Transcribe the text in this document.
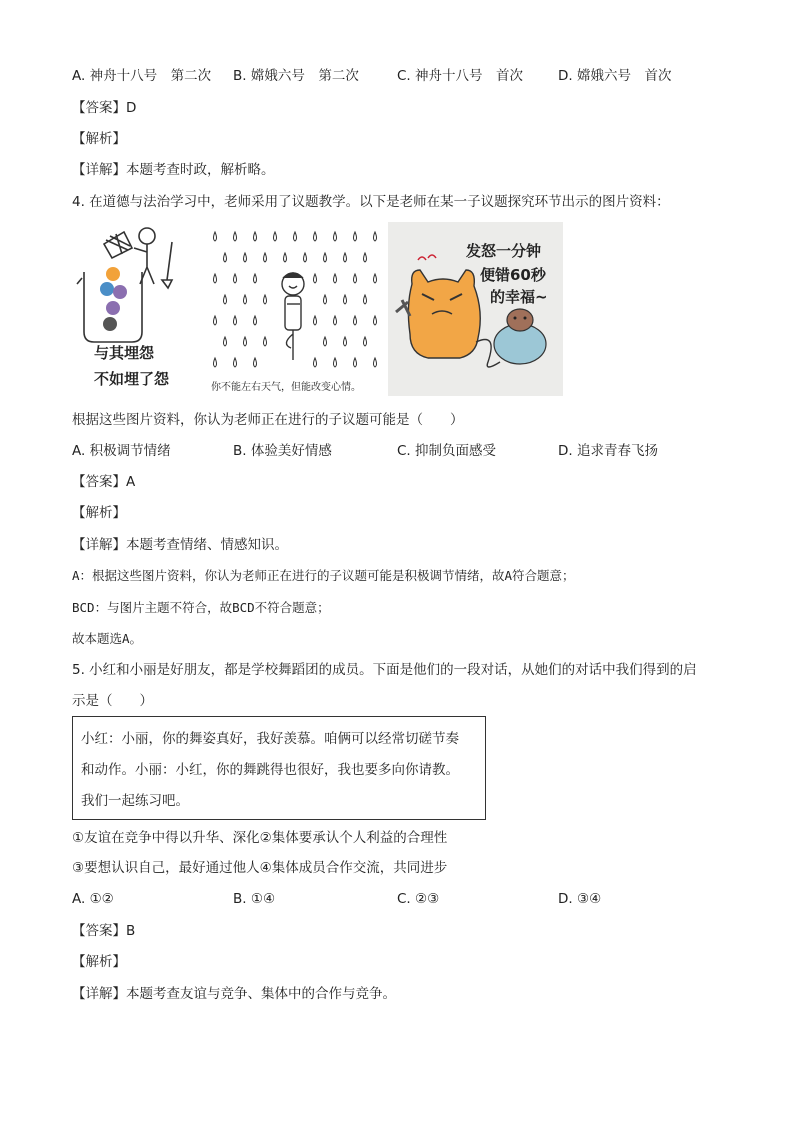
A. 神舟十八号　第二次 B. 嫦娥六号　第二次	C. 神舟十八号　首次	D. 嫦娥六号　首次
【答案】D
【解析】
【详解】本题考查时政，解析略。
4. 在道德与法治学习中，老师采用了议题教学。以下是老师在某一子议题探究环节出示的图片资料：
与其埋怨
不如埋了怨	你不能左右天气，但能改变心情。
发怒一分钟
便错60秒
的幸福~
根据这些图片资料，你认为老师正在进行的子议题可能是（　　）
A. 积极调节情绪	B. 体验美好情感	C. 抑制负面感受	D. 追求青春飞扬
【答案】A
【解析】
【详解】本题考查情绪、情感知识。
A：根据这些图片资料，你认为老师正在进行的子议题可能是积极调节情绪，故A符合题意；
BCD：与图片主题不符合，故BCD不符合题意；
故本题选A。
5. 小红和小丽是好朋友，都是学校舞蹈团的成员。下面是他们的一段对话，从她们的对话中我们得到的启
示是（　　）
小红：小丽，你的舞姿真好，我好羡慕。咱俩可以经常切磋节奏
和动作。小丽：小红，你的舞跳得也很好，我也要多向你请教。
我们一起练习吧。
①友谊在竞争中得以升华、深化②集体要承认个人利益的合理性
③要想认识自己，最好通过他人④集体成员合作交流，共同进步
A. ①②	B. ①④	C. ②③	D. ③④
【答案】B
【解析】
【详解】本题考查友谊与竞争、集体中的合作与竞争。
